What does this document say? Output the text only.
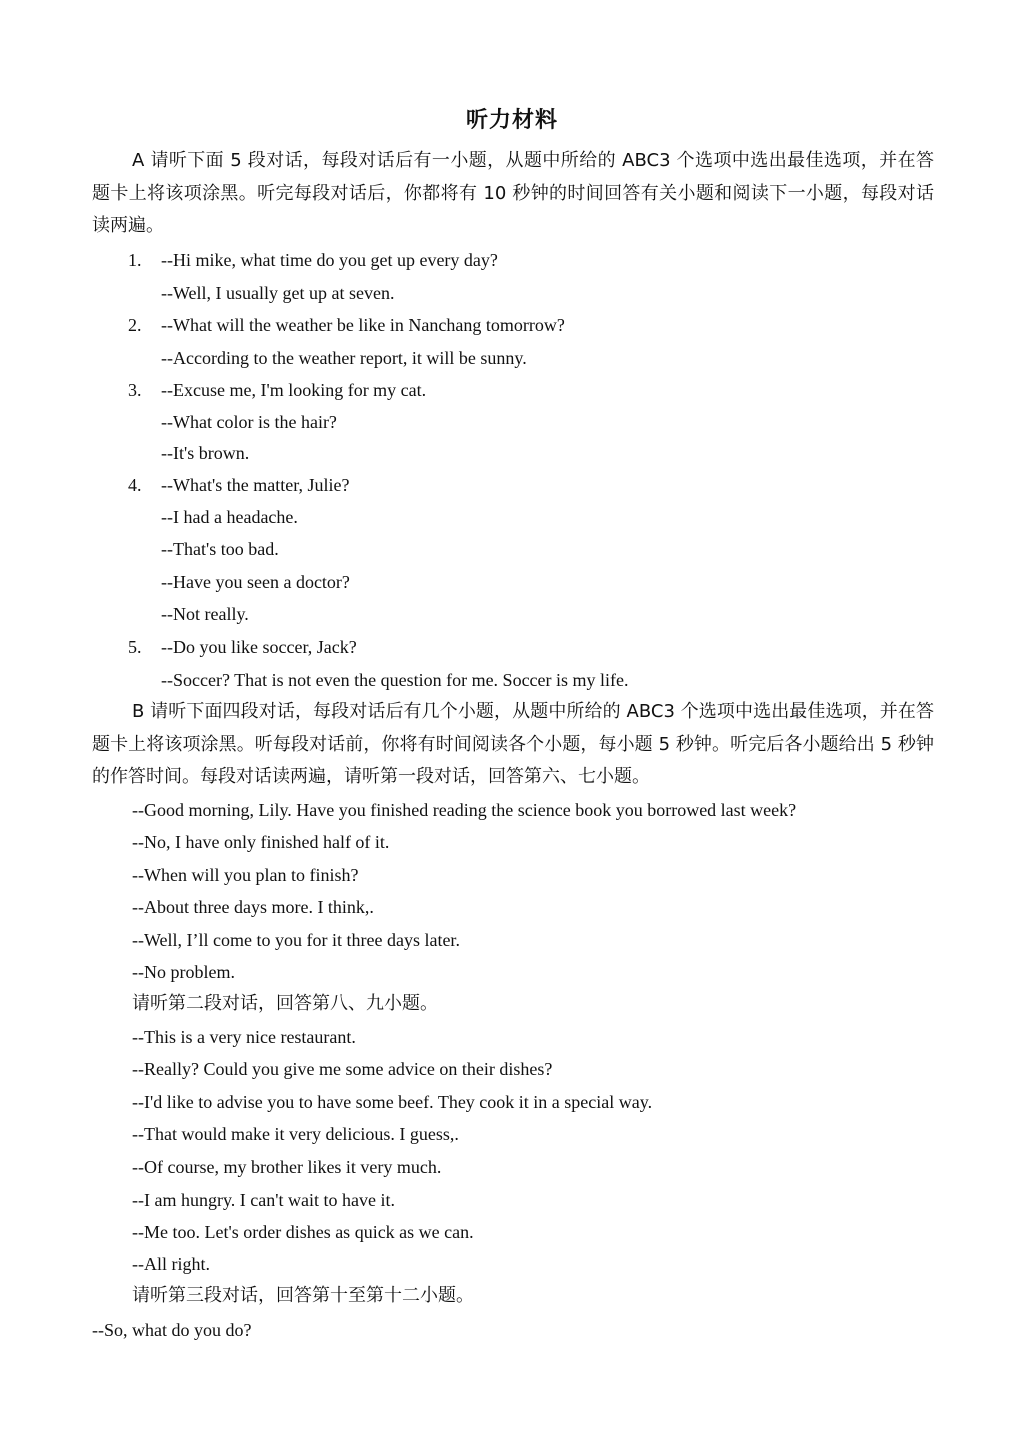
听力材料
A 请听下面 5 段对话，每段对话后有一小题，从题中所给的 ABC3 个选项中选出最佳选项，并在答题卡上将该项涂黑。听完每段对话后，你都将有 10 秒钟的时间回答有关小题和阅读下一小题，每段对话读两遍。
1. --Hi mike, what time do you get up every day?
--Well, I usually get up at seven.
2. --What will the weather be like in Nanchang tomorrow?
--According to the weather report, it will be sunny.
3. --Excuse me, I'm looking for my cat.
--What color is the hair?
--It's brown.
4. --What's the matter, Julie?
--I had a headache.
--That's too bad.
--Have you seen a doctor?
--Not really.
5. --Do you like soccer, Jack?
--Soccer? That is not even the question for me. Soccer is my life.
B 请听下面四段对话，每段对话后有几个小题，从题中所给的 ABC3 个选项中选出最佳选项，并在答题卡上将该项涂黑。听每段对话前，你将有时间阅读各个小题，每小题 5 秒钟。听完后各小题给出 5 秒钟的作答时间。每段对话读两遍，请听第一段对话，回答第六、七小题。
--Good morning, Lily. Have you finished reading the science book you borrowed last week?
--No, I have only finished half of it.
--When will you plan to finish?
--About three days more. I think,.
--Well, I’ll come to you for it three days later.
--No problem.
请听第二段对话，回答第八、九小题。
--This is a very nice restaurant.
--Really? Could you give me some advice on their dishes?
--I'd like to advise you to have some beef. They cook it in a special way.
--That would make it very delicious. I guess,.
--Of course, my brother likes it very much.
--I am hungry. I can't wait to have it.
--Me too. Let's order dishes as quick as we can.
--All right.
请听第三段对话，回答第十至第十二小题。
--So, what do you do?
